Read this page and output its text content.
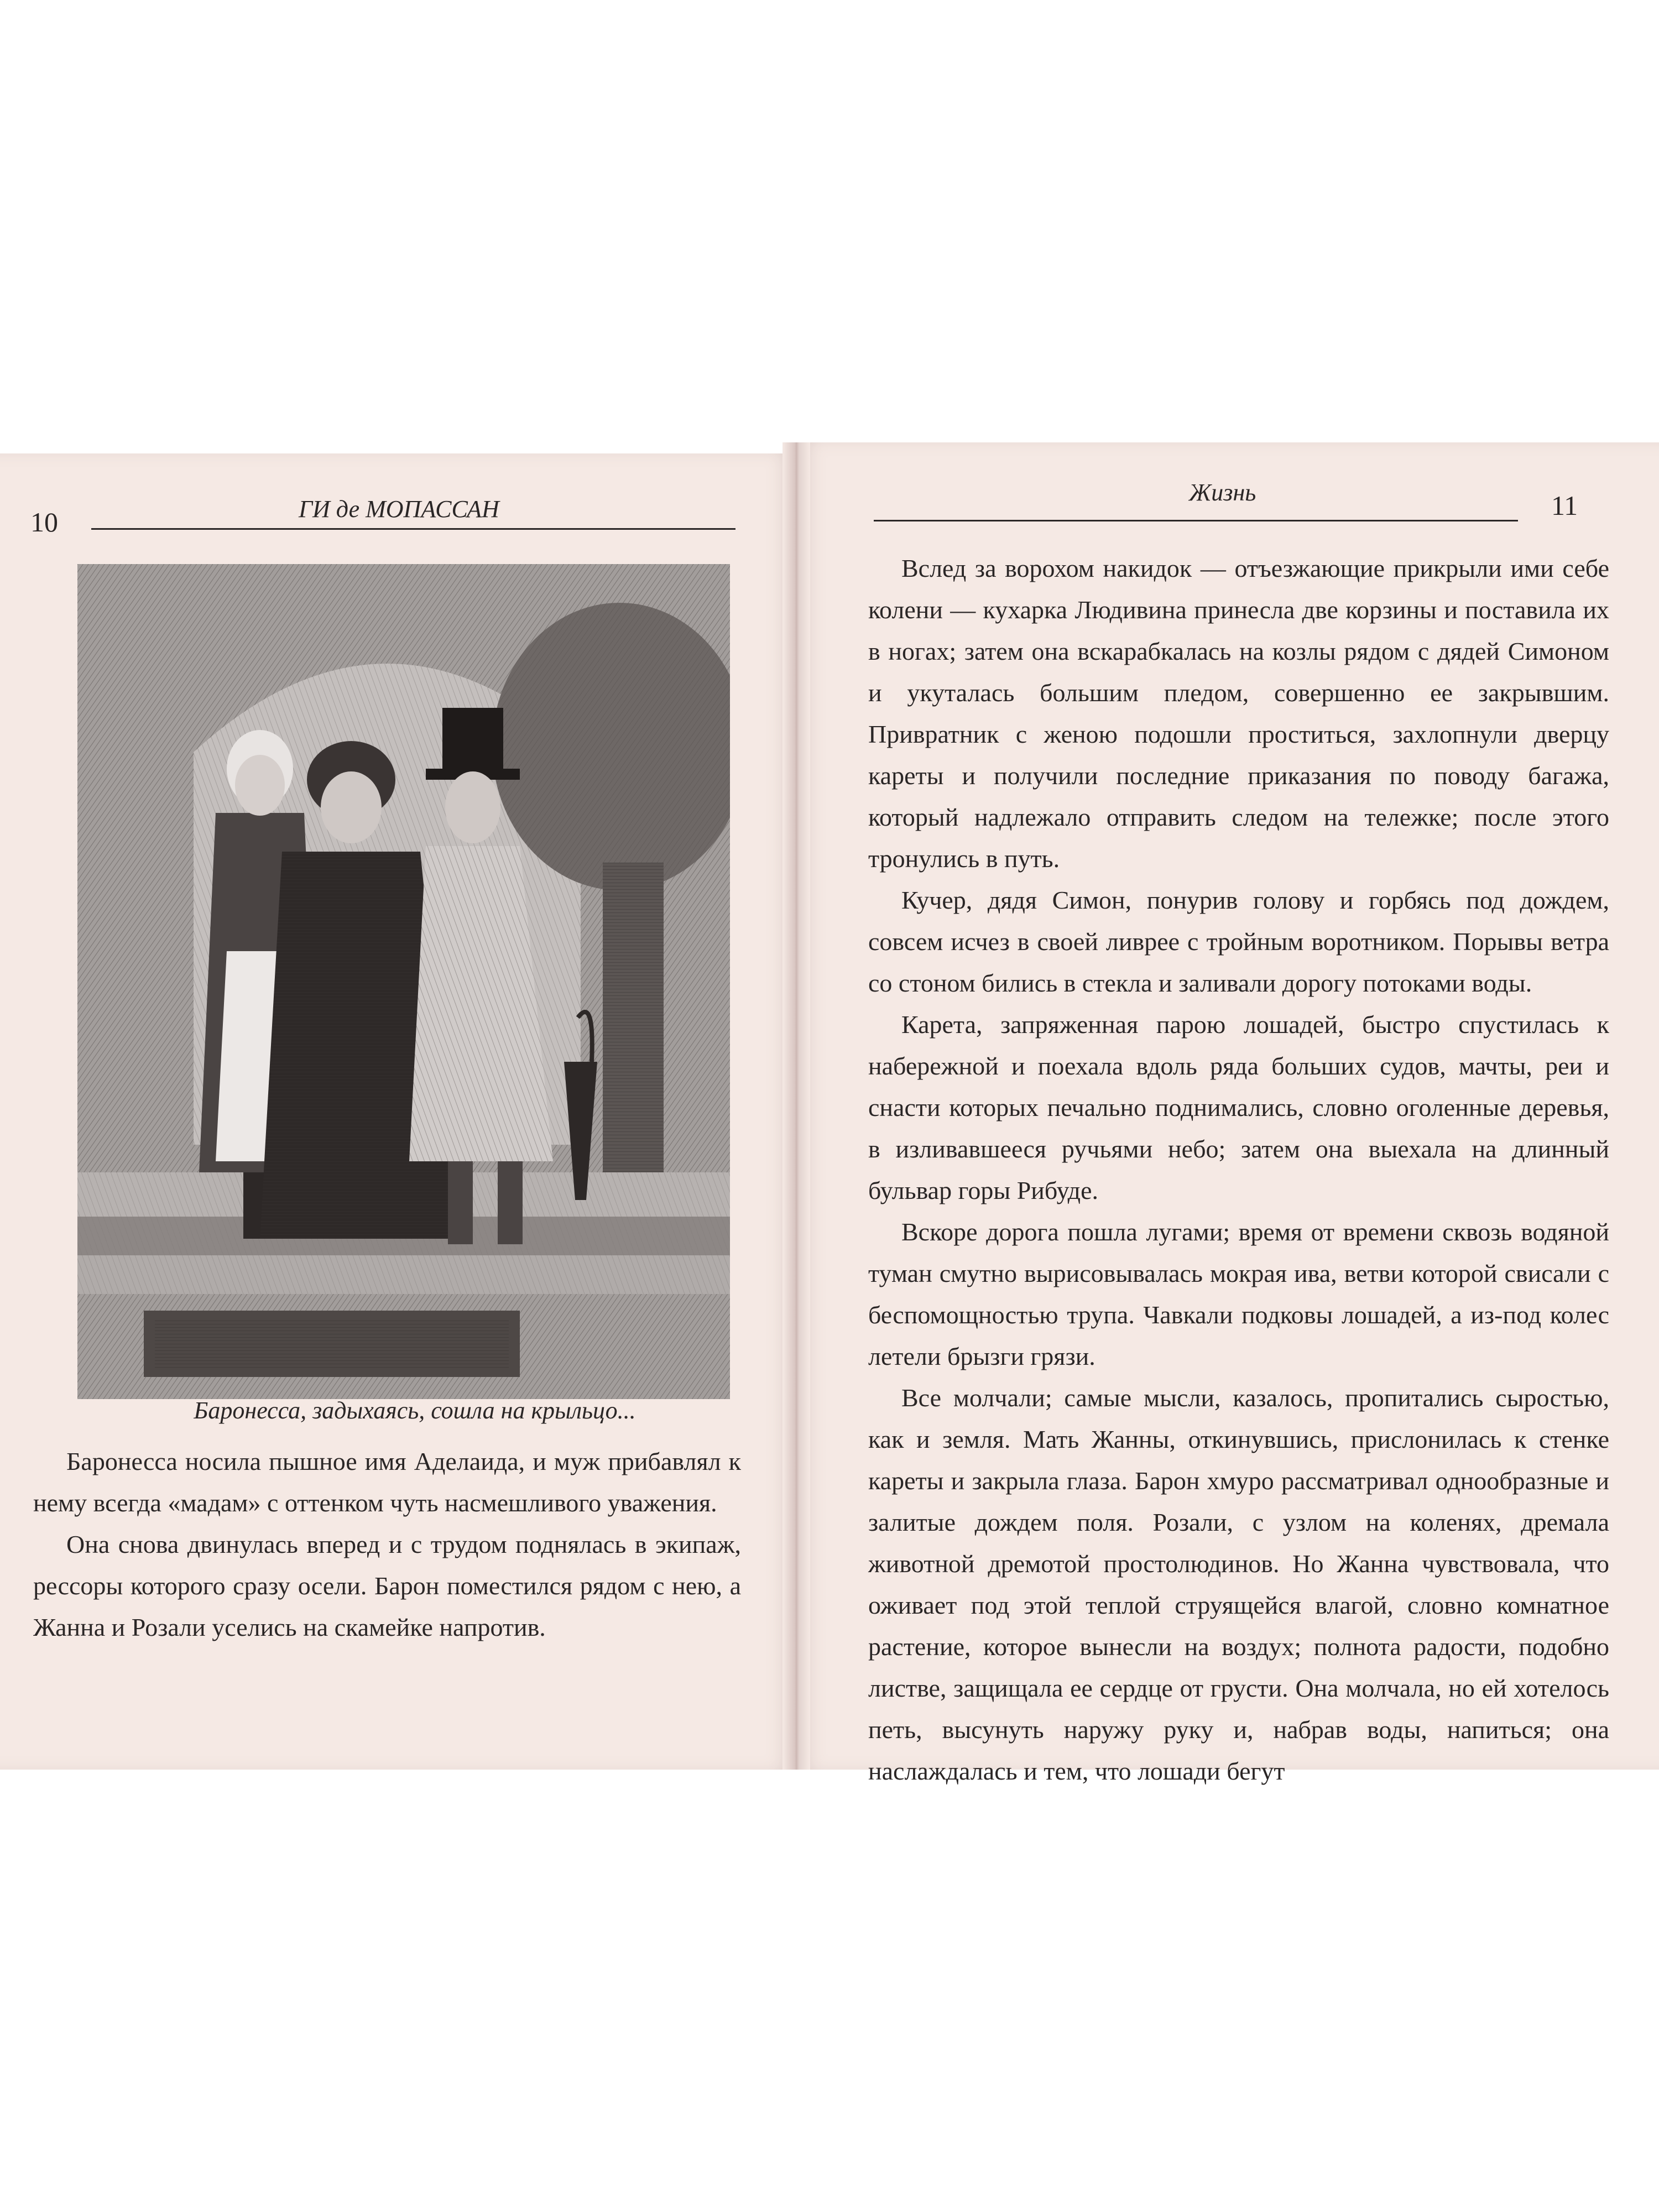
10	ГИ де МОПАССАН
Баронесса, задыхаясь, сошла на крыльцо...

Баронесса носила пышное имя Аделаида, и муж прибавлял к нему всегда «мадам» с оттенком чуть насмешливого уважения.

Она снова двинулась вперед и с трудом поднялась в экипаж, рессоры которого сразу осели. Барон поместился рядом с нею, а Жанна и Розали уселись на скамейке напротив.

Жизнь	11

Вслед за ворохом накидок — отъезжающие прикрыли ими себе колени — кухарка Людивина принесла две корзины и поставила их в ногах; затем она вскарабкалась на козлы рядом с дядей Симоном и укуталась большим пледом, совершенно ее закрывшим. Привратник с женою подошли проститься, захлопнули дверцу кареты и получили последние приказания по поводу багажа, который надлежало отправить следом на тележке; после этого тронулись в путь.

Кучер, дядя Симон, понурив голову и горбясь под дождем, совсем исчез в своей ливрее с тройным воротником. Порывы ветра со стоном бились в стекла и заливали дорогу потоками воды.

Карета, запряженная парою лошадей, быстро спустилась к набережной и поехала вдоль ряда больших судов, мачты, реи и снасти которых печально поднимались, словно оголенные деревья, в изливавшееся ручьями небо; затем она выехала на длинный бульвар горы Рибуде.

Вскоре дорога пошла лугами; время от времени сквозь водяной туман смутно вырисовывалась мокрая ива, ветви которой свисали с беспомощностью трупа. Чавкали подковы лошадей, а из-под колес летели брызги грязи.

Все молчали; самые мысли, казалось, пропитались сыростью, как и земля. Мать Жанны, откинувшись, прислонилась к стенке кареты и закрыла глаза. Барон хмуро рассматривал однообразные и залитые дождем поля. Розали, с узлом на коленях, дремала животной дремотой простолюдинов. Но Жанна чувствовала, что оживает под этой теплой струящейся влагой, словно комнатное растение, которое вынесли на воздух; полнота радости, подобно листве, защищала ее сердце от грусти. Она молчала, но ей хотелось петь, высунуть наружу руку и, набрав воды, напиться; она наслаждалась и тем, что лошади бегут
